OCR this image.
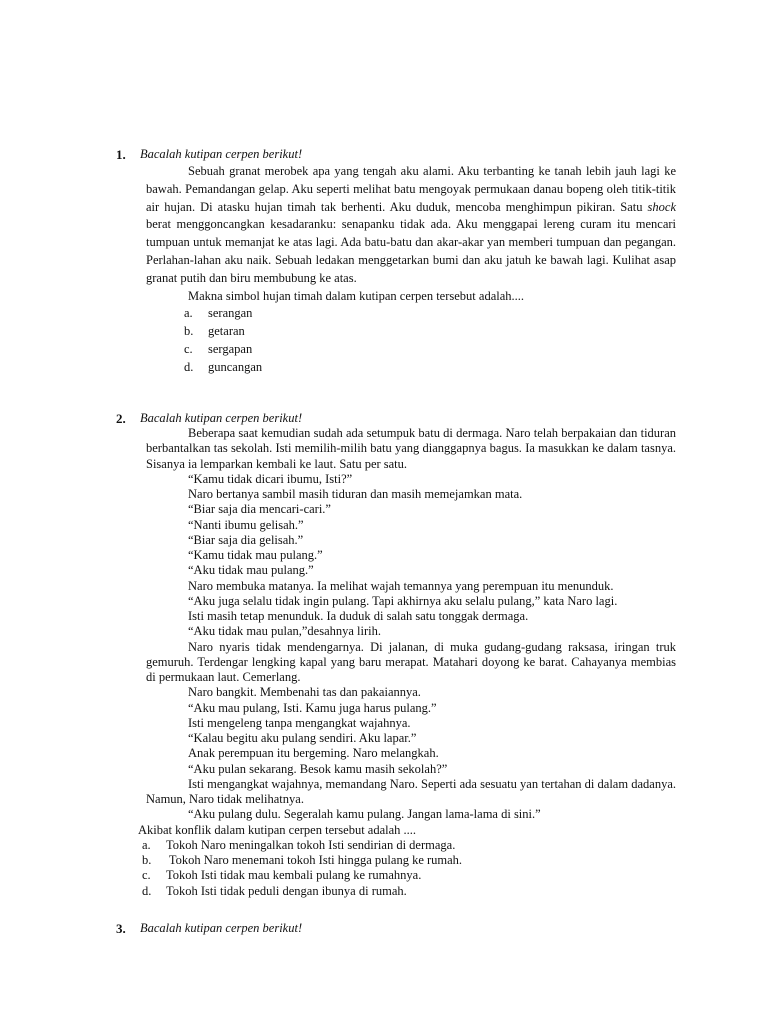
1.	Bacalah kutipan cerpen berikut!

Sebuah granat merobek apa yang tengah aku alami. Aku terbanting ke tanah lebih jauh lagi ke bawah. Pemandangan gelap. Aku seperti melihat batu mengoyak permukaan danau bopeng oleh titik-titik air hujan. Di atasku hujan timah tak berhenti. Aku duduk, mencoba menghimpun pikiran. Satu shock berat menggoncangkan kesadaranku: senapanku tidak ada. Aku menggapai lereng curam itu mencari tumpuan untuk memanjat ke atas lagi. Ada batu-batu dan akar-akar yan memberi tumpuan dan pegangan. Perlahan-lahan aku naik. Sebuah ledakan menggetarkan bumi dan aku jatuh ke bawah lagi. Kulihat asap granat putih dan biru membubung ke atas.

Makna simbol hujan timah dalam kutipan cerpen tersebut adalah....
a.	serangan
b.	getaran
c.	sergapan
d.	guncangan
2.	Bacalah kutipan cerpen berikut!

Beberapa saat kemudian sudah ada setumpuk batu di dermaga. Naro telah berpakaian dan tiduran berbantalkan tas sekolah. Isti memilih-milih batu yang dianggapnya bagus. Ia masukkan ke dalam tasnya. Sisanya ia lemparkan kembali ke laut. Satu per satu.

“Kamu tidak dicari ibumu, Isti?”
Naro bertanya sambil masih tiduran dan masih memejamkan mata.
“Biar saja dia mencari-cari.”
“Nanti ibumu gelisah.”
“Biar saja dia gelisah.”
“Kamu tidak mau pulang.”
“Aku tidak mau pulang.”
Naro membuka matanya. Ia melihat wajah temannya yang perempuan itu menunduk.
“Aku juga selalu tidak ingin pulang. Tapi akhirnya aku selalu pulang,” kata Naro lagi.
Isti masih tetap menunduk. Ia duduk di salah satu tonggak dermaga.
“Aku tidak mau pulan,”desahnya lirih.

Naro nyaris tidak mendengarnya. Di jalanan, di muka gudang-gudang raksasa, iringan truk gemuruh. Terdengar lengking kapal yang baru merapat. Matahari doyong ke barat. Cahayanya membias di permukaan laut. Cemerlang.

Naro bangkit. Membenahi tas dan pakaiannya.
“Aku mau pulang, Isti. Kamu juga harus pulang.”
Isti mengeleng tanpa mengangkat wajahnya.
“Kalau begitu aku pulang sendiri. Aku lapar.”
Anak perempuan itu bergeming. Naro melangkah.
“Aku pulan sekarang. Besok kamu masih sekolah?”

Isti mengangkat wajahnya, memandang Naro. Seperti ada sesuatu yan tertahan di dalam dadanya. Namun, Naro tidak melihatnya.

“Aku pulang dulu. Segeralah kamu pulang. Jangan lama-lama di sini.”
Akibat konflik dalam kutipan cerpen tersebut adalah ....
a.	Tokoh Naro meningalkan tokoh Isti sendirian di dermaga.
b.	Tokoh Naro menemani tokoh Isti hingga pulang ke rumah.
c.	Tokoh Isti tidak mau kembali pulang ke rumahnya.
d.	Tokoh Isti tidak peduli dengan ibunya di rumah.
3.	Bacalah kutipan cerpen berikut!
